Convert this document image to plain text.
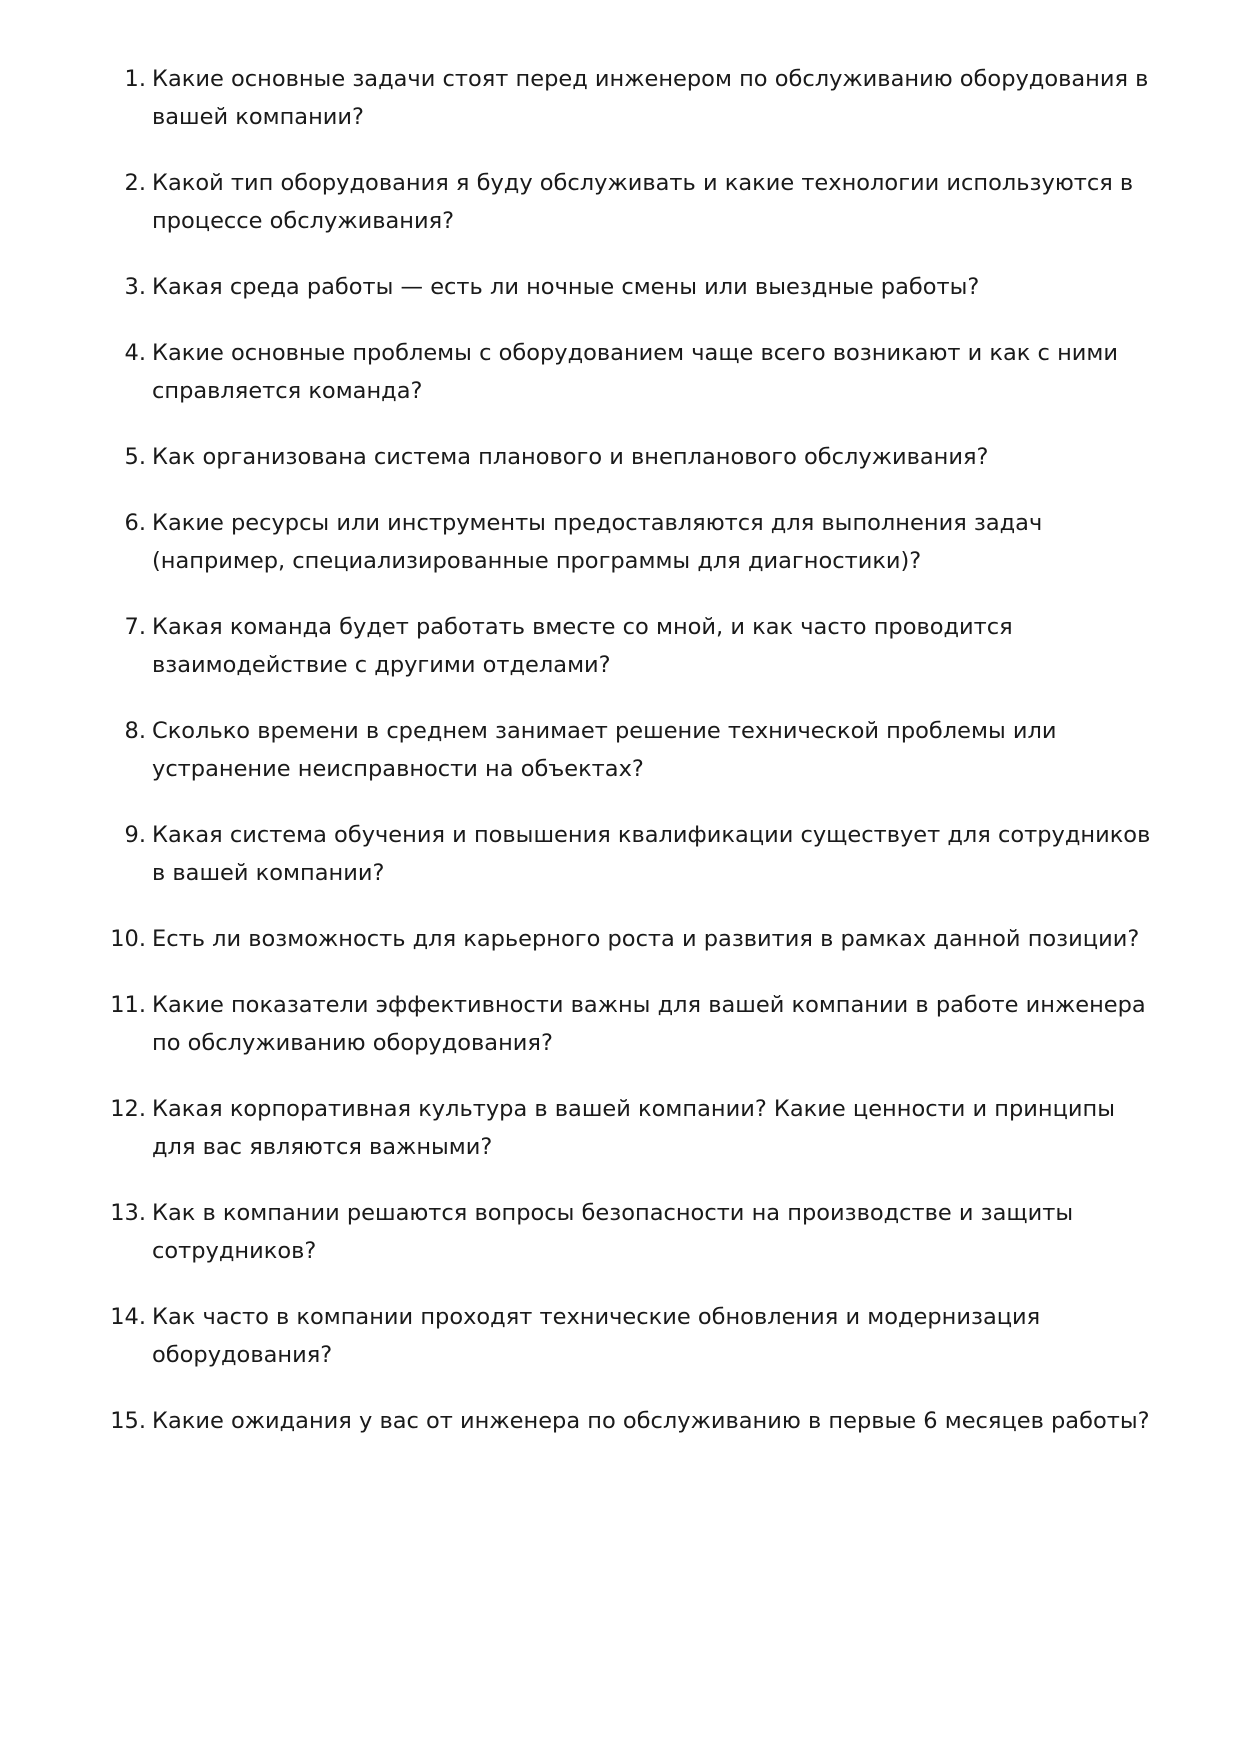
1. Какие основные задачи стоят перед инженером по обслуживанию оборудования в вашей компании?
2. Какой тип оборудования я буду обслуживать и какие технологии используются в процессе обслуживания?
3. Какая среда работы — есть ли ночные смены или выездные работы?
4. Какие основные проблемы с оборудованием чаще всего возникают и как с ними справляется команда?
5. Как организована система планового и внепланового обслуживания?
6. Какие ресурсы или инструменты предоставляются для выполнения задач (например, специализированные программы для диагностики)?
7. Какая команда будет работать вместе со мной, и как часто проводится взаимодействие с другими отделами?
8. Сколько времени в среднем занимает решение технической проблемы или устранение неисправности на объектах?
9. Какая система обучения и повышения квалификации существует для сотрудников в вашей компании?
10. Есть ли возможность для карьерного роста и развития в рамках данной позиции?
11. Какие показатели эффективности важны для вашей компании в работе инженера по обслуживанию оборудования?
12. Какая корпоративная культура в вашей компании? Какие ценности и принципы для вас являются важными?
13. Как в компании решаются вопросы безопасности на производстве и защиты сотрудников?
14. Как часто в компании проходят технические обновления и модернизация оборудования?
15. Какие ожидания у вас от инженера по обслуживанию в первые 6 месяцев работы?
